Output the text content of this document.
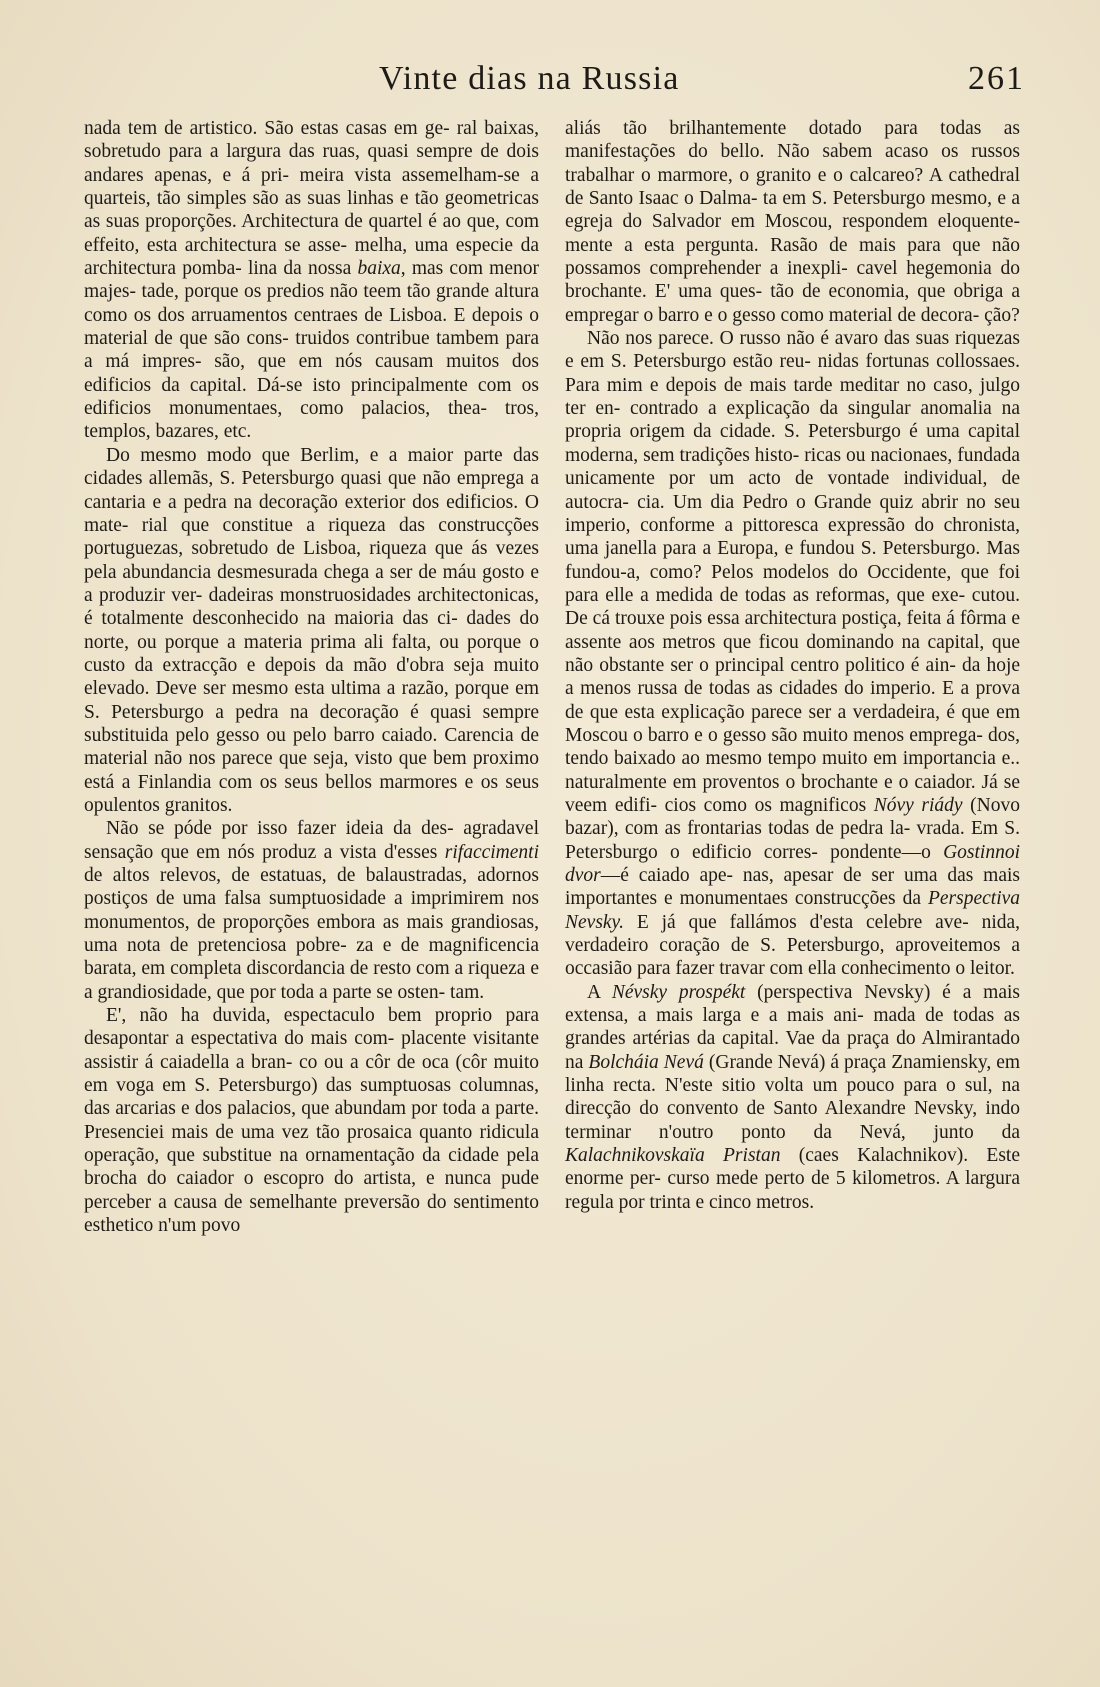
Vinte dias na Russia	261

nada tem de artistico. São estas casas em ge- ral baixas, sobretudo para a largura das ruas, quasi sempre de dois andares apenas, e á pri- meira vista assemelham-se a quarteis, tão simples são as suas linhas e tão geometricas as suas proporções. Architectura de quartel é ao que, com effeito, esta architectura se asse- melha, uma especie da architectura pomba- lina da nossa baixa, mas com menor majes- tade, porque os predios não teem tão grande altura como os dos arruamentos centraes de Lisboa. E depois o material de que são cons- truidos contribue tambem para a má impres- são, que em nós causam muitos dos edificios da capital. Dá-se isto principalmente com os edificios monumentaes, como palacios, thea- tros, templos, bazares, etc.

Do mesmo modo que Berlim, e a maior parte das cidades allemãs, S. Petersburgo quasi que não emprega a cantaria e a pedra na decoração exterior dos edificios. O mate- rial que constitue a riqueza das construcções portuguezas, sobretudo de Lisboa, riqueza que ás vezes pela abundancia desmesurada chega a ser de máu gosto e a produzir ver- dadeiras monstruosidades architectonicas, é totalmente desconhecido na maioria das ci- dades do norte, ou porque a materia prima ali falta, ou porque o custo da extracção e depois da mão d'obra seja muito elevado. Deve ser mesmo esta ultima a razão, porque em S. Petersburgo a pedra na decoração é quasi sempre substituida pelo gesso ou pelo barro caiado. Carencia de material não nos parece que seja, visto que bem proximo está a Finlandia com os seus bellos marmores e os seus opulentos granitos.

Não se póde por isso fazer ideia da des- agradavel sensação que em nós produz a vista d'esses rifaccimenti de altos relevos, de estatuas, de balaustradas, adornos postiços de uma falsa sumptuosidade a imprimirem nos monumentos, de proporções embora as mais grandiosas, uma nota de pretenciosa pobre- za e de magnificencia barata, em completa discordancia de resto com a riqueza e a grandiosidade, que por toda a parte se osten- tam.

E', não ha duvida, espectaculo bem proprio para desapontar a espectativa do mais com- placente visitante assistir á caiadella a bran- co ou a côr de oca (côr muito em voga em S. Petersburgo) das sumptuosas columnas, das arcarias e dos palacios, que abundam por toda a parte. Presenciei mais de uma vez tão prosaica quanto ridicula operação, que substitue na ornamentação da cidade pela brocha do caiador o escopro do artista, e nunca pude perceber a causa de semelhante preversão do sentimento esthetico n'um povo

aliás tão brilhantemente dotado para todas as manifestações do bello. Não sabem acaso os russos trabalhar o marmore, o granito e o calcareo? A cathedral de Santo Isaac o Dalma- ta em S. Petersburgo mesmo, e a egreja do Salvador em Moscou, respondem eloquente- mente a esta pergunta. Rasão de mais para que não possamos comprehender a inexpli- cavel hegemonia do brochante. E' uma ques- tão de economia, que obriga a empregar o barro e o gesso como material de decora- ção?

Não nos parece. O russo não é avaro das suas riquezas e em S. Petersburgo estão reu- nidas fortunas collossaes. Para mim e depois de mais tarde meditar no caso, julgo ter en- contrado a explicação da singular anomalia na propria origem da cidade. S. Petersburgo é uma capital moderna, sem tradições histo- ricas ou nacionaes, fundada unicamente por um acto de vontade individual, de autocra- cia. Um dia Pedro o Grande quiz abrir no seu imperio, conforme a pittoresca expressão do chronista, uma janella para a Europa, e fundou S. Petersburgo. Mas fundou-a, como? Pelos modelos do Occidente, que foi para elle a medida de todas as reformas, que exe- cutou. De cá trouxe pois essa architectura postiça, feita á fôrma e assente aos metros que ficou dominando na capital, que não obstante ser o principal centro politico é ain- da hoje a menos russa de todas as cidades do imperio. E a prova de que esta explicação parece ser a verdadeira, é que em Moscou o barro e o gesso são muito menos emprega- dos, tendo baixado ao mesmo tempo muito em importancia e.. naturalmente em proventos o brochante e o caiador. Já se veem edifi- cios como os magnificos Nóvy riády (Novo bazar), com as frontarias todas de pedra la- vrada. Em S. Petersburgo o edificio corres- pondente—o Gostinnoi dvor—é caiado ape- nas, apesar de ser uma das mais importantes e monumentaes construcções da Perspectiva Nevsky. E já que fallámos d'esta celebre ave- nida, verdadeiro coração de S. Petersburgo, aproveitemos a occasião para fazer travar com ella conhecimento o leitor.

A Névsky prospékt (perspectiva Nevsky) é a mais extensa, a mais larga e a mais ani- mada de todas as grandes artérias da capital. Vae da praça do Almirantado na Bolcháia Nevá (Grande Nevá) á praça Znamiensky, em linha recta. N'este sitio volta um pouco para o sul, na direcção do convento de Santo Alexandre Nevsky, indo terminar n'outro ponto da Nevá, junto da Kalachnikovskaïa Pristan (caes Kalachnikov). Este enorme per- curso mede perto de 5 kilometros. A largura regula por trinta e cinco metros.
